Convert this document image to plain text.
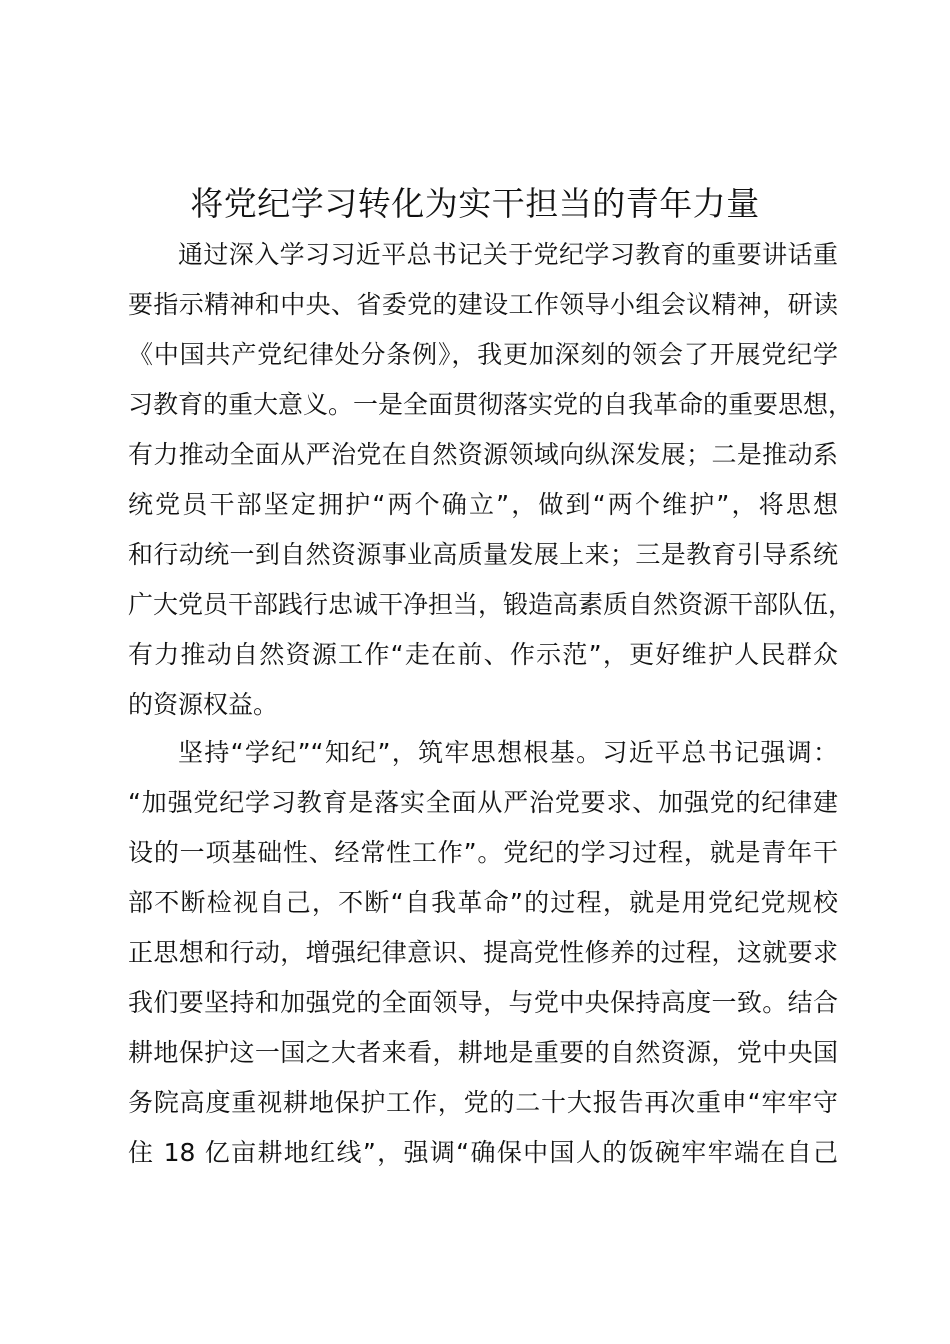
将党纪学习转化为实干担当的青年力量
通过深入学习习近平总书记关于党纪学习教育的重要讲话重
要指示精神和中央、省委党的建设工作领导小组会议精神，研读
《中国共产党纪律处分条例》，我更加深刻的领会了开展党纪学
习教育的重大意义。一是全面贯彻落实党的自我革命的重要思想，
有力推动全面从严治党在自然资源领域向纵深发展；二是推动系
统党员干部坚定拥护“两个确立”，做到“两个维护”，将思想
和行动统一到自然资源事业高质量发展上来；三是教育引导系统
广大党员干部践行忠诚干净担当，锻造高素质自然资源干部队伍，
有力推动自然资源工作“走在前、作示范”，更好维护人民群众
的资源权益。
坚持“学纪”“知纪”，筑牢思想根基。习近平总书记强调：
“加强党纪学习教育是落实全面从严治党要求、加强党的纪律建
设的一项基础性、经常性工作”。党纪的学习过程，就是青年干
部不断检视自己，不断“自我革命”的过程，就是用党纪党规校
正思想和行动，增强纪律意识、提高党性修养的过程，这就要求
我们要坚持和加强党的全面领导，与党中央保持高度一致。结合
耕地保护这一国之大者来看，耕地是重要的自然资源，党中央国
务院高度重视耕地保护工作，党的二十大报告再次重申“牢牢守
住 18 亿亩耕地红线”，强调“确保中国人的饭碗牢牢端在自己
